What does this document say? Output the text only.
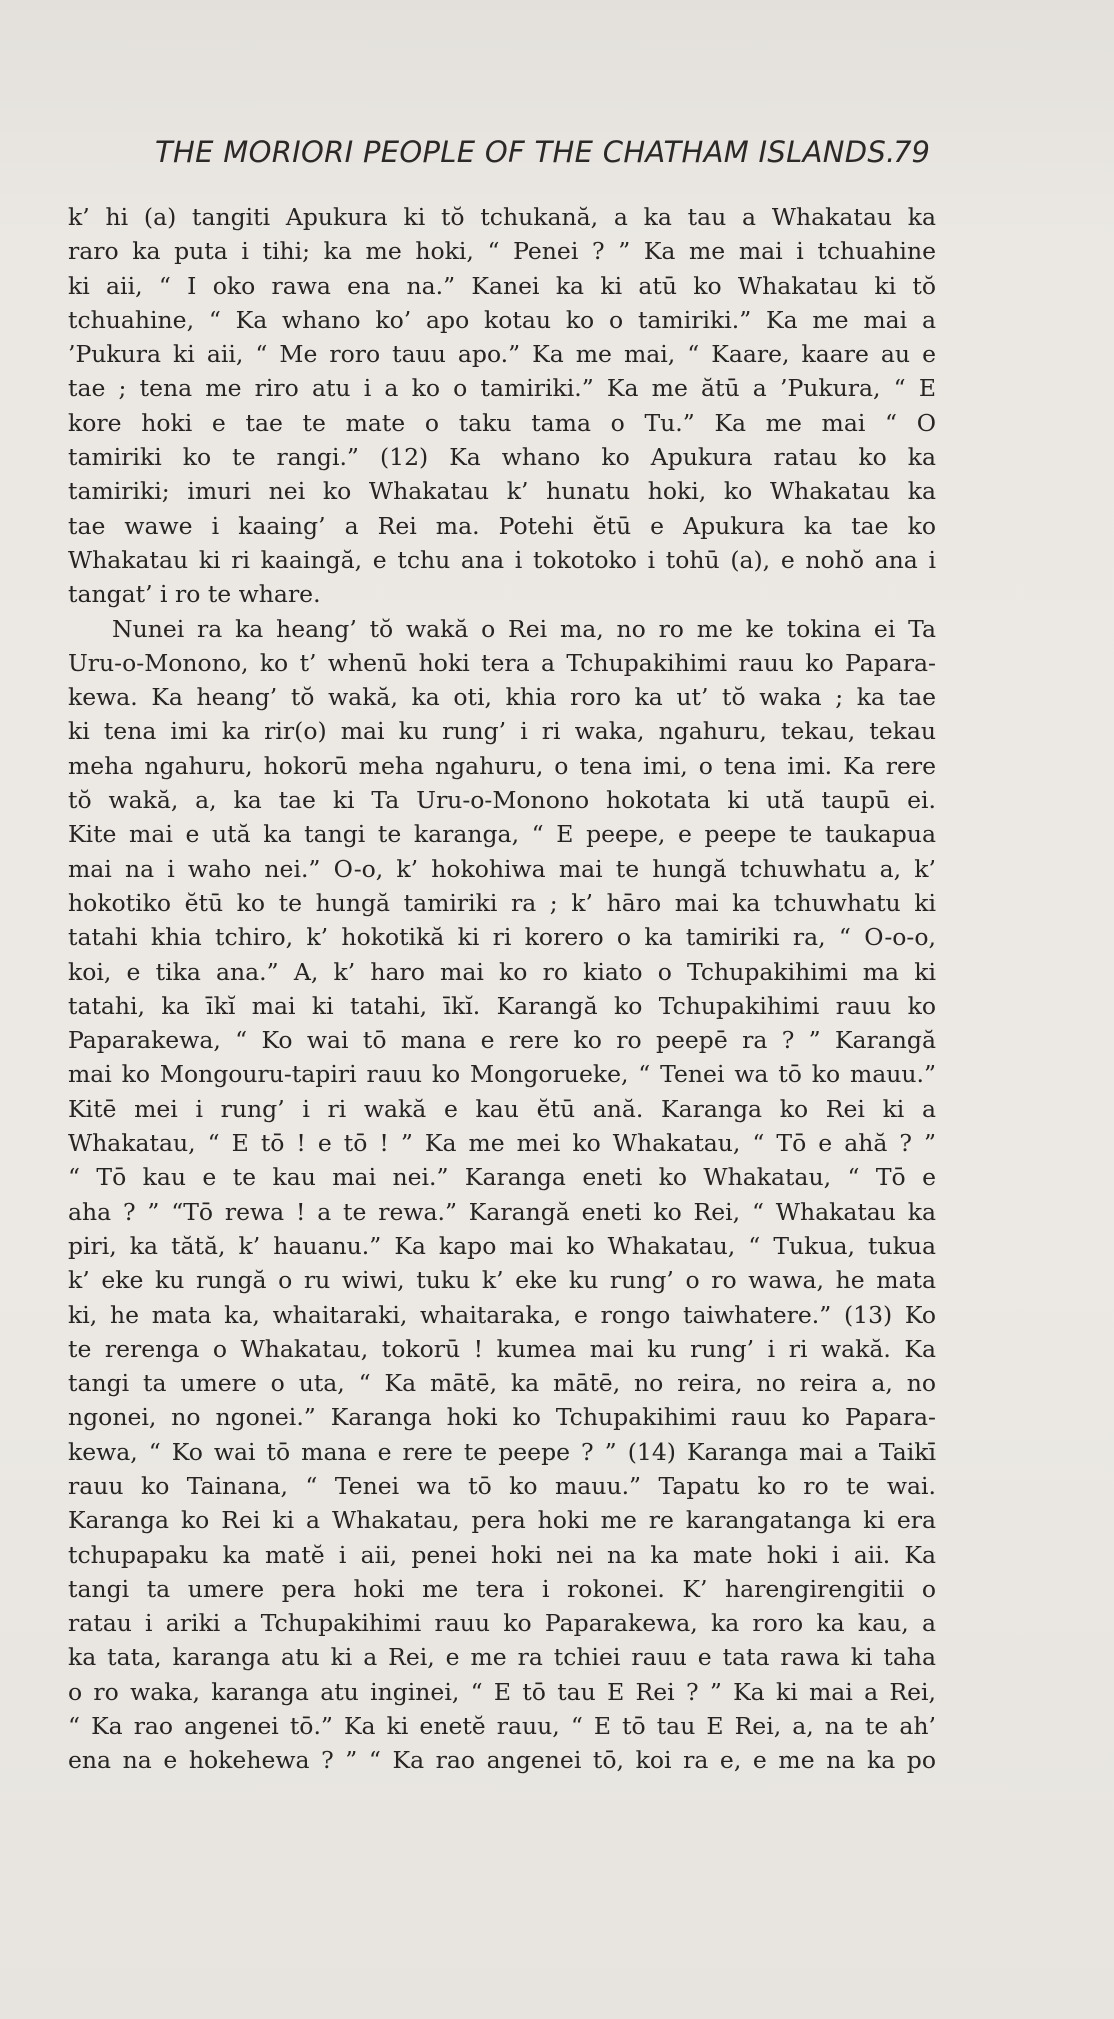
THE MORIORI PEOPLE OF THE CHATHAM ISLANDS.
79
k’ hi (a) tangiti Apukura ki tŏ tchukană, a ka tau a Whakatau ka
raro ka puta i tihi; ka me hoki, “ Penei ? ” Ka me mai i tchuahine
ki aii, “ I oko rawa ena na.” Kanei ka ki atū ko Whakatau ki tŏ
tchuahine, “ Ka whano ko’ apo kotau ko o tamiriki.” Ka me mai a
’Pukura ki aii, “ Me roro tauu apo.” Ka me mai, “ Kaare, kaare au e
tae ; tena me riro atu i a ko o tamiriki.” Ka me ătū a ’Pukura, “ E
kore hoki e tae te mate o taku tama o Tu.” Ka me mai “ O
tamiriki ko te rangi.” (12) Ka whano ko Apukura ratau ko ka
tamiriki; imuri nei ko Whakatau k’ hunatu hoki, ko Whakatau ka
tae wawe i kaaing’ a Rei ma. Potehi ĕtū e Apukura ka tae ko
Whakatau ki ri kaaingă, e tchu ana i tokotoko i tohū (a), e nohŏ ana i
tangat’ i ro te whare.
Nunei ra ka heang’ tŏ wakă o Rei ma, no ro me ke tokina ei Ta
Uru-o-Monono, ko t’ whenū hoki tera a Tchupakihimi rauu ko Papara-
kewa. Ka heang’ tŏ wakă, ka oti, khia roro ka ut’ tŏ waka ; ka tae
ki tena imi ka rir(o) mai ku rung’ i ri waka, ngahuru, tekau, tekau
meha ngahuru, hokorū meha ngahuru, o tena imi, o tena imi. Ka rere
tŏ wakă, a, ka tae ki Ta Uru-o-Monono hokotata ki ută taupū ei.
Kite mai e ută ka tangi te karanga, “ E peepe, e peepe te taukapua
mai na i waho nei.” O-o, k’ hokohiwa mai te hungă tchuwhatu a, k’
hokotiko ĕtū ko te hungă tamiriki ra ; k’ hāro mai ka tchuwhatu ki
tatahi khia tchiro, k’ hokotikă ki ri korero o ka tamiriki ra, “ O-o-o,
koi, e tika ana.” A, k’ haro mai ko ro kiato o Tchupakihimi ma ki
tatahi, ka īkĭ mai ki tatahi, īkĭ. Karangă ko Tchupakihimi rauu ko
Paparakewa, “ Ko wai tō mana e rere ko ro peepē ra ? ” Karangă
mai ko Mongouru-tapiri rauu ko Mongorueke, “ Tenei wa tō ko mauu.”
Kitē mei i rung’ i ri wakă e kau ĕtū ană. Karanga ko Rei ki a
Whakatau, “ E tō ! e tō ! ” Ka me mei ko Whakatau, “ Tō e ahă ? ”
“ Tō kau e te kau mai nei.” Karanga eneti ko Whakatau, “ Tō e
aha ? ” “Tō rewa ! a te rewa.” Karangă eneti ko Rei, “ Whakatau ka
piri, ka tătă, k’ hauanu.” Ka kapo mai ko Whakatau, “ Tukua, tukua
k’ eke ku rungă o ru wiwi, tuku k’ eke ku rung’ o ro wawa, he mata
ki, he mata ka, whaitaraki, whaitaraka, e rongo taiwhatere.” (13) Ko
te rerenga o Whakatau, tokorū ! kumea mai ku rung’ i ri wakă. Ka
tangi ta umere o uta, “ Ka mātē, ka mātē, no reira, no reira a, no
ngonei, no ngonei.” Karanga hoki ko Tchupakihimi rauu ko Papara-
kewa, “ Ko wai tō mana e rere te peepe ? ” (14) Karanga mai a Taikī
rauu ko Tainana, “ Tenei wa tō ko mauu.” Tapatu ko ro te wai.
Karanga ko Rei ki a Whakatau, pera hoki me re karangatanga ki era
tchupapaku ka matĕ i aii, penei hoki nei na ka mate hoki i aii. Ka
tangi ta umere pera hoki me tera i rokonei. K’ harengirengitii o
ratau i ariki a Tchupakihimi rauu ko Paparakewa, ka roro ka kau, a
ka tata, karanga atu ki a Rei, e me ra tchiei rauu e tata rawa ki taha
o ro waka, karanga atu inginei, “ E tō tau E Rei ? ” Ka ki mai a Rei,
“ Ka rao angenei tō.” Ka ki enetĕ rauu, “ E tō tau E Rei, a, na te ah’
ena na e hokehewa ? ” “ Ka rao angenei tō, koi ra e, e me na ka po
